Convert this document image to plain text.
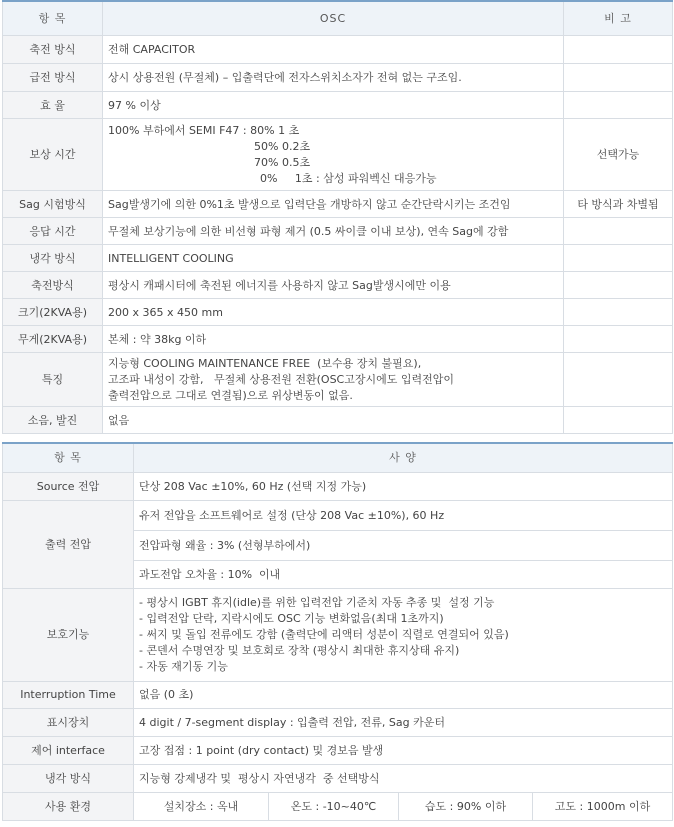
항 목	OSC	비 고
축전 방식	전해 CAPACITOR	
급전 방식	상시 상용전원 (무절체) – 입출력단에 전자스위치소자가 전혀 없는 구조임.	
효 율	97 % 이상	
보상 시간	100% 부하에서 SEMI F47 : 80% 1 초
50% 0.2초
70% 0.5초
0%     1초 : 삼성 파워벡신 대응가능	선택가능
Sag 시험방식	Sag발생기에 의한 0%1초 발생으로 입력단을 개방하지 않고 순간단락시키는 조건임	타 방식과 차별됨
응답 시간	무절체 보상기능에 의한 비선형 파형 제거 (0.5 싸이클 이내 보상), 연속 Sag에 강함	
냉각 방식	INTELLIGENT COOLING	
축전방식	평상시 캐패시터에 축전된 에너지를 사용하지 않고 Sag발생시에만 이용	
크기(2KVA용)	200 x 365 x 450 mm	
무게(2KVA용)	본체 : 약 38kg 이하	
특징	지능형 COOLING MAINTENANCE FREE  (보수용 장치 불필요),
고조파 내성이 강함,   무절체 상용전원 전환(OSC고장시에도 입력전압이
출력전압으로 그대로 연결됨)으로 위상변동이 없음.	

소음, 발진	없음	
항 목	사 양			
Source 전압	단상 208 Vac ±10%, 60 Hz (선택 지정 가능)			
출력 전압	유저 전압을 소프트웨어로 설정 (단상 208 Vac ±10%), 60 Hz			
	전압파형 왜율 : 3% (선형부하에서)			
	과도전압 오차율 : 10%  이내			
보호기능	- 평상시 IGBT 휴지(idle)를 위한 입력전압 기준치 자동 추종 및  설정 기능
- 입력전압 단락, 지락시에도 OSC 기능 변화없음(최대 1초까지)
- 써지 및 돌입 전류에도 강함 (출력단에 리액터 성분이 직렬로 연결되어 있음)
- 콘덴서 수명연장 및 보호회로 장착 (평상시 최대한 휴지상태 유지)
- 자동 재기동 기능			

Interruption Time	없음 (0 초)			
표시장치	4 digit / 7-segment display : 입출력 전압, 전류, Sag 카운터			
제어 interface	고장 접점 : 1 point (dry contact) 및 경보음 발생			
냉각 방식	지능형 강제냉각 및  평상시 자연냉각  중 선택방식			
사용 환경	설치장소 : 옥내	온도 : -10~40℃	습도 : 90% 이하	고도 : 1000m 이하
